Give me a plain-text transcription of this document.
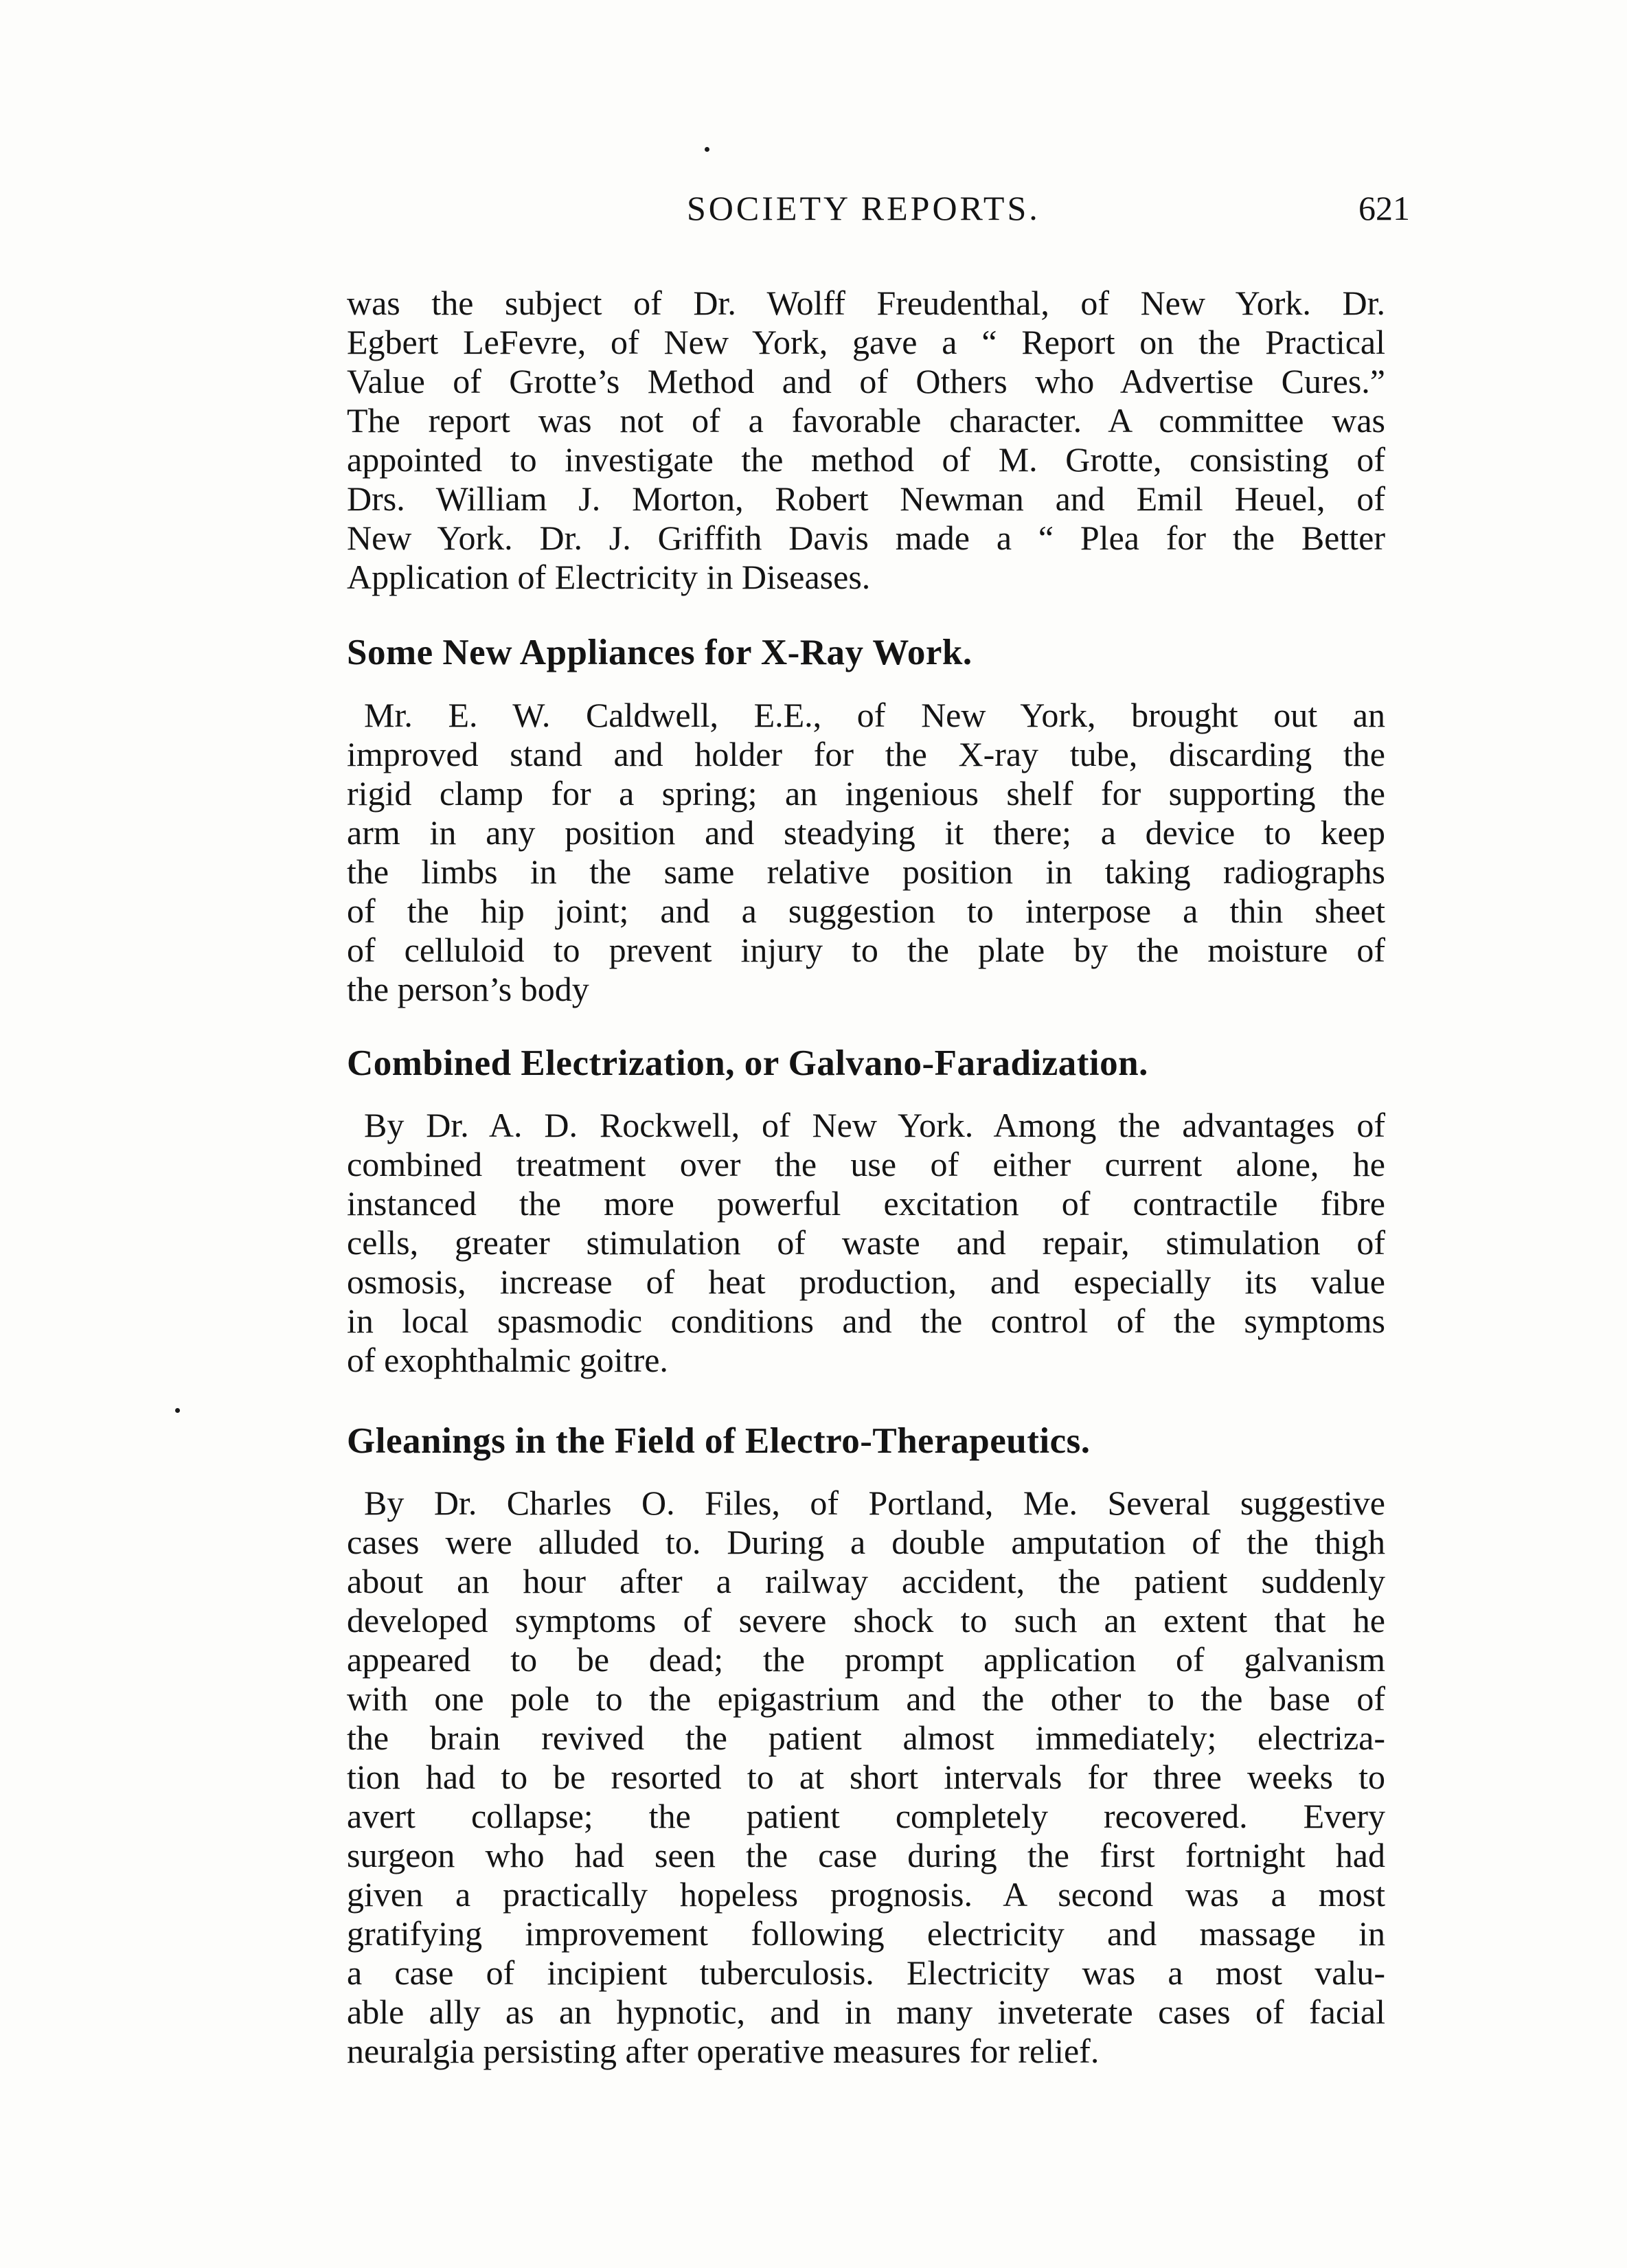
SOCIETY REPORTS.	621
was the subject of Dr. Wolff Freudenthal, of New York. Dr.
Egbert LeFevre, of New York, gave a “ Report on the Practical
Value of Grotte’s Method and of Others who Advertise Cures.”
The report was not of a favorable character. A committee was
appointed to investigate the method of M. Grotte, consisting of
Drs. William J. Morton, Robert Newman and Emil Heuel, of
New York. Dr. J. Griffith Davis made a “ Plea for the Better
Application of Electricity in Diseases.
Some New Appliances for X-Ray Work.
Mr. E. W. Caldwell, E.E., of New York, brought out an
improved stand and holder for the X-ray tube, discarding the
rigid clamp for a spring; an ingenious shelf for supporting the
arm in any position and steadying it there; a device to keep
the limbs in the same relative position in taking radiographs
of the hip joint; and a suggestion to interpose a thin sheet
of celluloid to prevent injury to the plate by the moisture of
the person’s body
Combined Electrization, or Galvano-Faradization.
By Dr. A. D. Rockwell, of New York. Among the advantages of
combined treatment over the use of either current alone, he
instanced the more powerful excitation of contractile fibre
cells, greater stimulation of waste and repair, stimulation of
osmosis, increase of heat production, and especially its value
in local spasmodic conditions and the control of the symptoms
of exophthalmic goitre.
Gleanings in the Field of Electro-Therapeutics.
By Dr. Charles O. Files, of Portland, Me. Several suggestive
cases were alluded to. During a double amputation of the thigh
about an hour after a railway accident, the patient suddenly
developed symptoms of severe shock to such an extent that he
appeared to be dead; the prompt application of galvanism
with one pole to the epigastrium and the other to the base of
the brain revived the patient almost immediately; electriza-
tion had to be resorted to at short intervals for three weeks to
avert collapse; the patient completely recovered. Every
surgeon who had seen the case during the first fortnight had
given a practically hopeless prognosis. A second was a most
gratifying improvement following electricity and massage in
a case of incipient tuberculosis. Electricity was a most valu-
able ally as an hypnotic, and in many inveterate cases of facial
neuralgia persisting after operative measures for relief.
